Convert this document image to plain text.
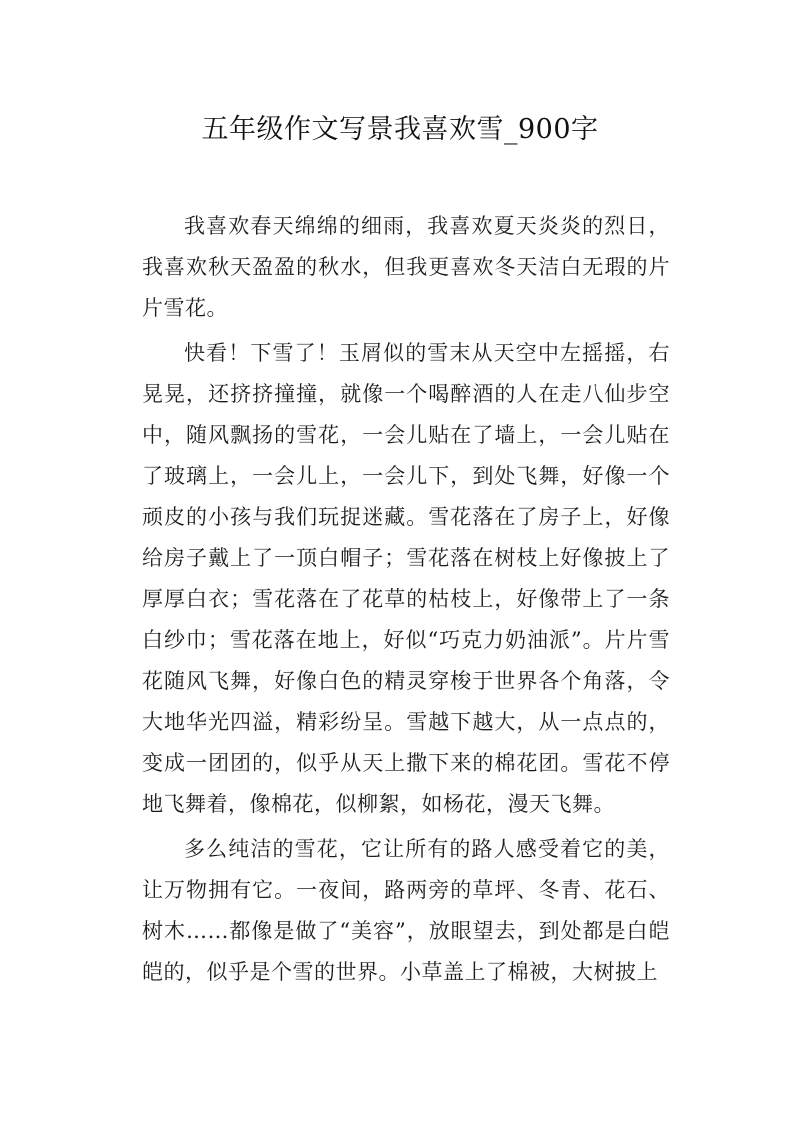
五年级作文写景我喜欢雪_900字

我喜欢春天绵绵的细雨，我喜欢夏天炎炎的烈日，我喜欢秋天盈盈的秋水，但我更喜欢冬天洁白无瑕的片片雪花。

快看！下雪了！玉屑似的雪末从天空中左摇摇，右晃晃，还挤挤撞撞，就像一个喝醉酒的人在走八仙步空中，随风飘扬的雪花，一会儿贴在了墙上，一会儿贴在了玻璃上，一会儿上，一会儿下，到处飞舞，好像一个顽皮的小孩与我们玩捉迷藏。雪花落在了房子上，好像给房子戴上了一顶白帽子；雪花落在树枝上好像披上了厚厚白衣；雪花落在了花草的枯枝上，好像带上了一条白纱巾；雪花落在地上，好似“巧克力奶油派”。片片雪花随风飞舞，好像白色的精灵穿梭于世界各个角落，令大地华光四溢，精彩纷呈。雪越下越大，从一点点的，变成一团团的，似乎从天上撒下来的棉花团。雪花不停地飞舞着，像棉花，似柳絮，如杨花，漫天飞舞。

多么纯洁的雪花，它让所有的路人感受着它的美，让万物拥有它。一夜间，路两旁的草坪、冬青、花石、树木……都像是做了“美容”，放眼望去，到处都是白皑皑的，似乎是个雪的世界。小草盖上了棉被，大树披上
